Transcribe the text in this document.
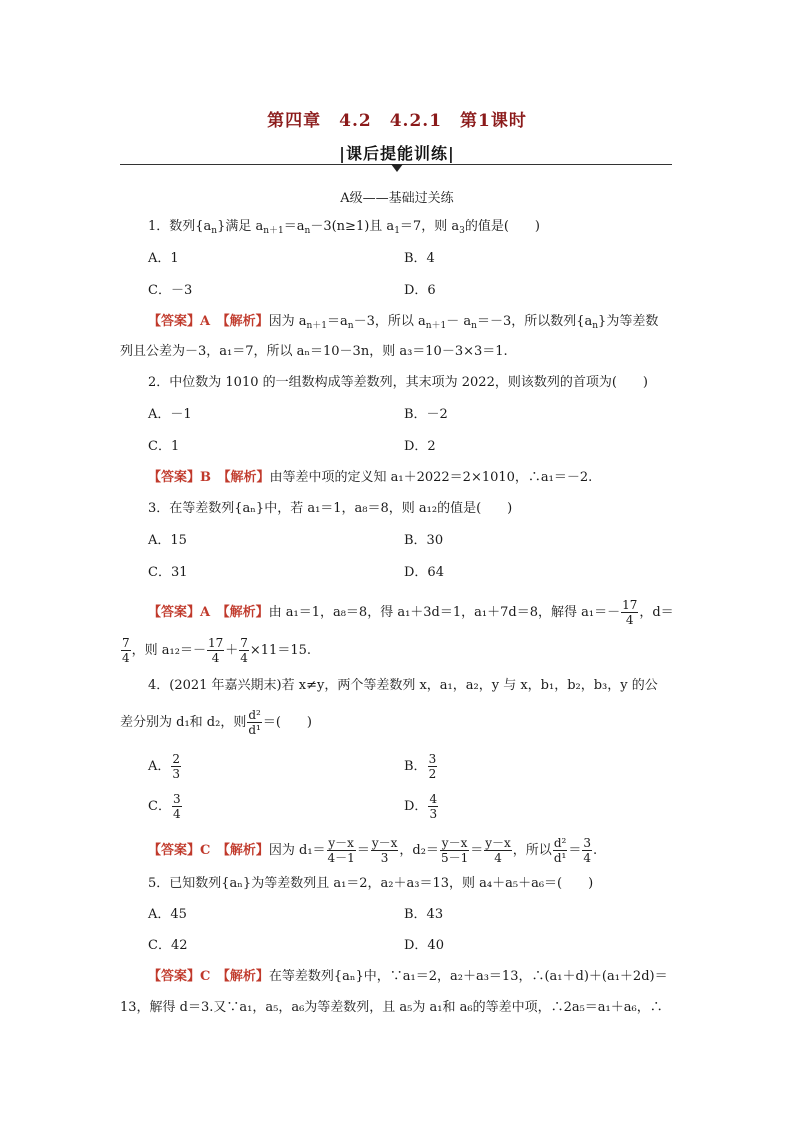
第四章　4.2　4.2.1　第1课时
|课后提能训练|
A级——基础过关练
1．数列$\{a_n\}$满足 $a_{n+1}=a_n-3(n\ge 1)$且 $a_1=7$，则 $a_3$的值是(　　)
A．1	B．4
C．－3	D．6
【答案】A　【解析】因为 $a_{n+1}=a_n-3$，所以 $a_{n+1}- a_n=-3$，所以数列$\{a_n\}$为等差数
列且公差为－3，a₁＝7，所以 aₙ＝10－3n，则 a₃＝10－3×3＝1.
2．中位数为 1010 的一组数构成等差数列，其末项为 2022，则该数列的首项为(　　)
A．－1	B．－2
C．1	D．2
【答案】B　【解析】由等差中项的定义知 a₁＋2022＝2×1010，∴a₁＝－2.
3．在等差数列{aₙ}中，若 a₁＝1，a₈＝8，则 a₁₂的值是(　　)
A．15	B．30
C．31	D．64
【答案】A　【解析】由 a₁＝1，a₈＝8，得 a₁＋3d＝1，a₁＋7d＝8，解得 $a_1=- \frac{17}{4}$ ，d＝
$\frac{7}{4}$ ，则 $a_{12}=- \frac{17}{4} + \frac{7}{4} \times 11=15$.
4．(2021 年嘉兴期末)若 x≠y，两个等差数列 x，a₁，a₂，y 与 x，b₁，b₂，b₃，y 的公
差分别为 d₁和 d₂，则 $\frac{\text{d²}}{\text{d¹}}$ ＝(　　)
A． $\frac{2}{3}$	B． $\frac{3}{2}$
C． $\frac{3}{4}$	D． $\frac{4}{3}$
【答案】C　【解析】因为 $d_1= \frac{y-x}{4-1} = \frac{y-x}{3}$ ，$d_2= \frac{y-x}{5-1} = \frac{y-x}{4}$ ，所以 $\frac{\text{d²}}{\text{d¹}} = \frac{3}{4}$ .
5．已知数列{aₙ}为等差数列且 a₁＝2，a₂＋a₃＝13，则 a₄＋a₅＋a₆＝(　　)
A．45	B．43
C．42	D．40
【答案】C　【解析】在等差数列{aₙ}中，∵a₁＝2，a₂＋a₃＝13，∴(a₁＋d)＋(a₁＋2d)＝
13，解得 d＝3.又∵a₁，a₅，a₆为等差数列，且 a₅为 a₁和 a₆的等差中项，∴2a₅＝a₁＋a₆，∴
